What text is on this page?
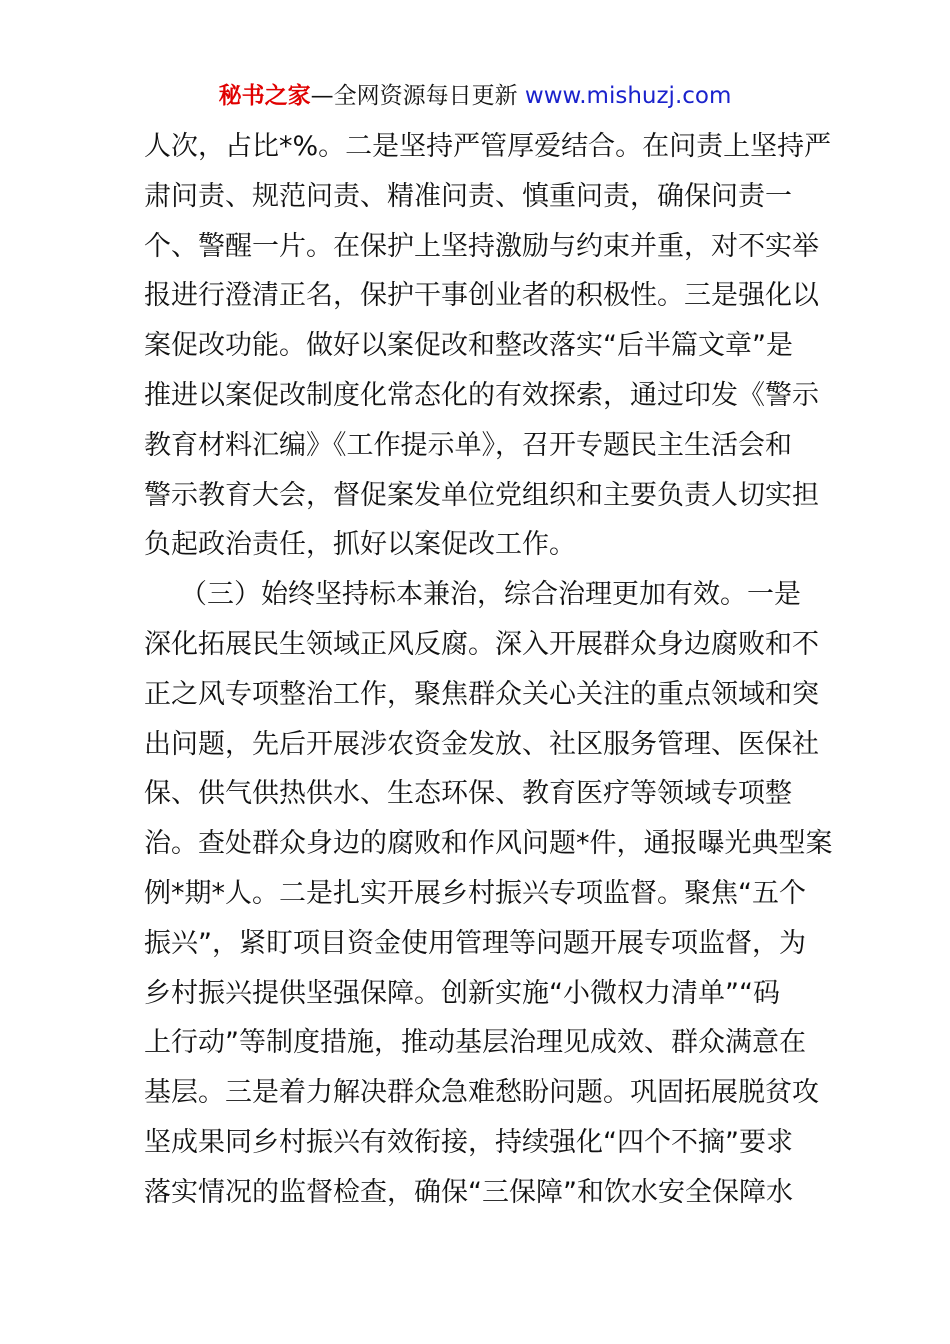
秘书之家—全网资源每日更新 www.mishuzj.com
人次，占比*%。二是坚持严管厚爱结合。在问责上坚持严
肃问责、规范问责、精准问责、慎重问责，确保问责一
个、警醒一片。在保护上坚持激励与约束并重，对不实举
报进行澄清正名，保护干事创业者的积极性。三是强化以
案促改功能。做好以案促改和整改落实“后半篇文章”是
推进以案促改制度化常态化的有效探索，通过印发《警示
教育材料汇编》《工作提示单》，召开专题民主生活会和
警示教育大会，督促案发单位党组织和主要负责人切实担
负起政治责任，抓好以案促改工作。
（三）始终坚持标本兼治，综合治理更加有效。一是
深化拓展民生领域正风反腐。深入开展群众身边腐败和不
正之风专项整治工作，聚焦群众关心关注的重点领域和突
出问题，先后开展涉农资金发放、社区服务管理、医保社
保、供气供热供水、生态环保、教育医疗等领域专项整
治。查处群众身边的腐败和作风问题*件，通报曝光典型案
例*期*人。二是扎实开展乡村振兴专项监督。聚焦“五个
振兴”，紧盯项目资金使用管理等问题开展专项监督，为
乡村振兴提供坚强保障。创新实施“小微权力清单”“码
上行动”等制度措施，推动基层治理见成效、群众满意在
基层。三是着力解决群众急难愁盼问题。巩固拓展脱贫攻
坚成果同乡村振兴有效衔接，持续强化“四个不摘”要求
落实情况的监督检查，确保“三保障”和饮水安全保障水
